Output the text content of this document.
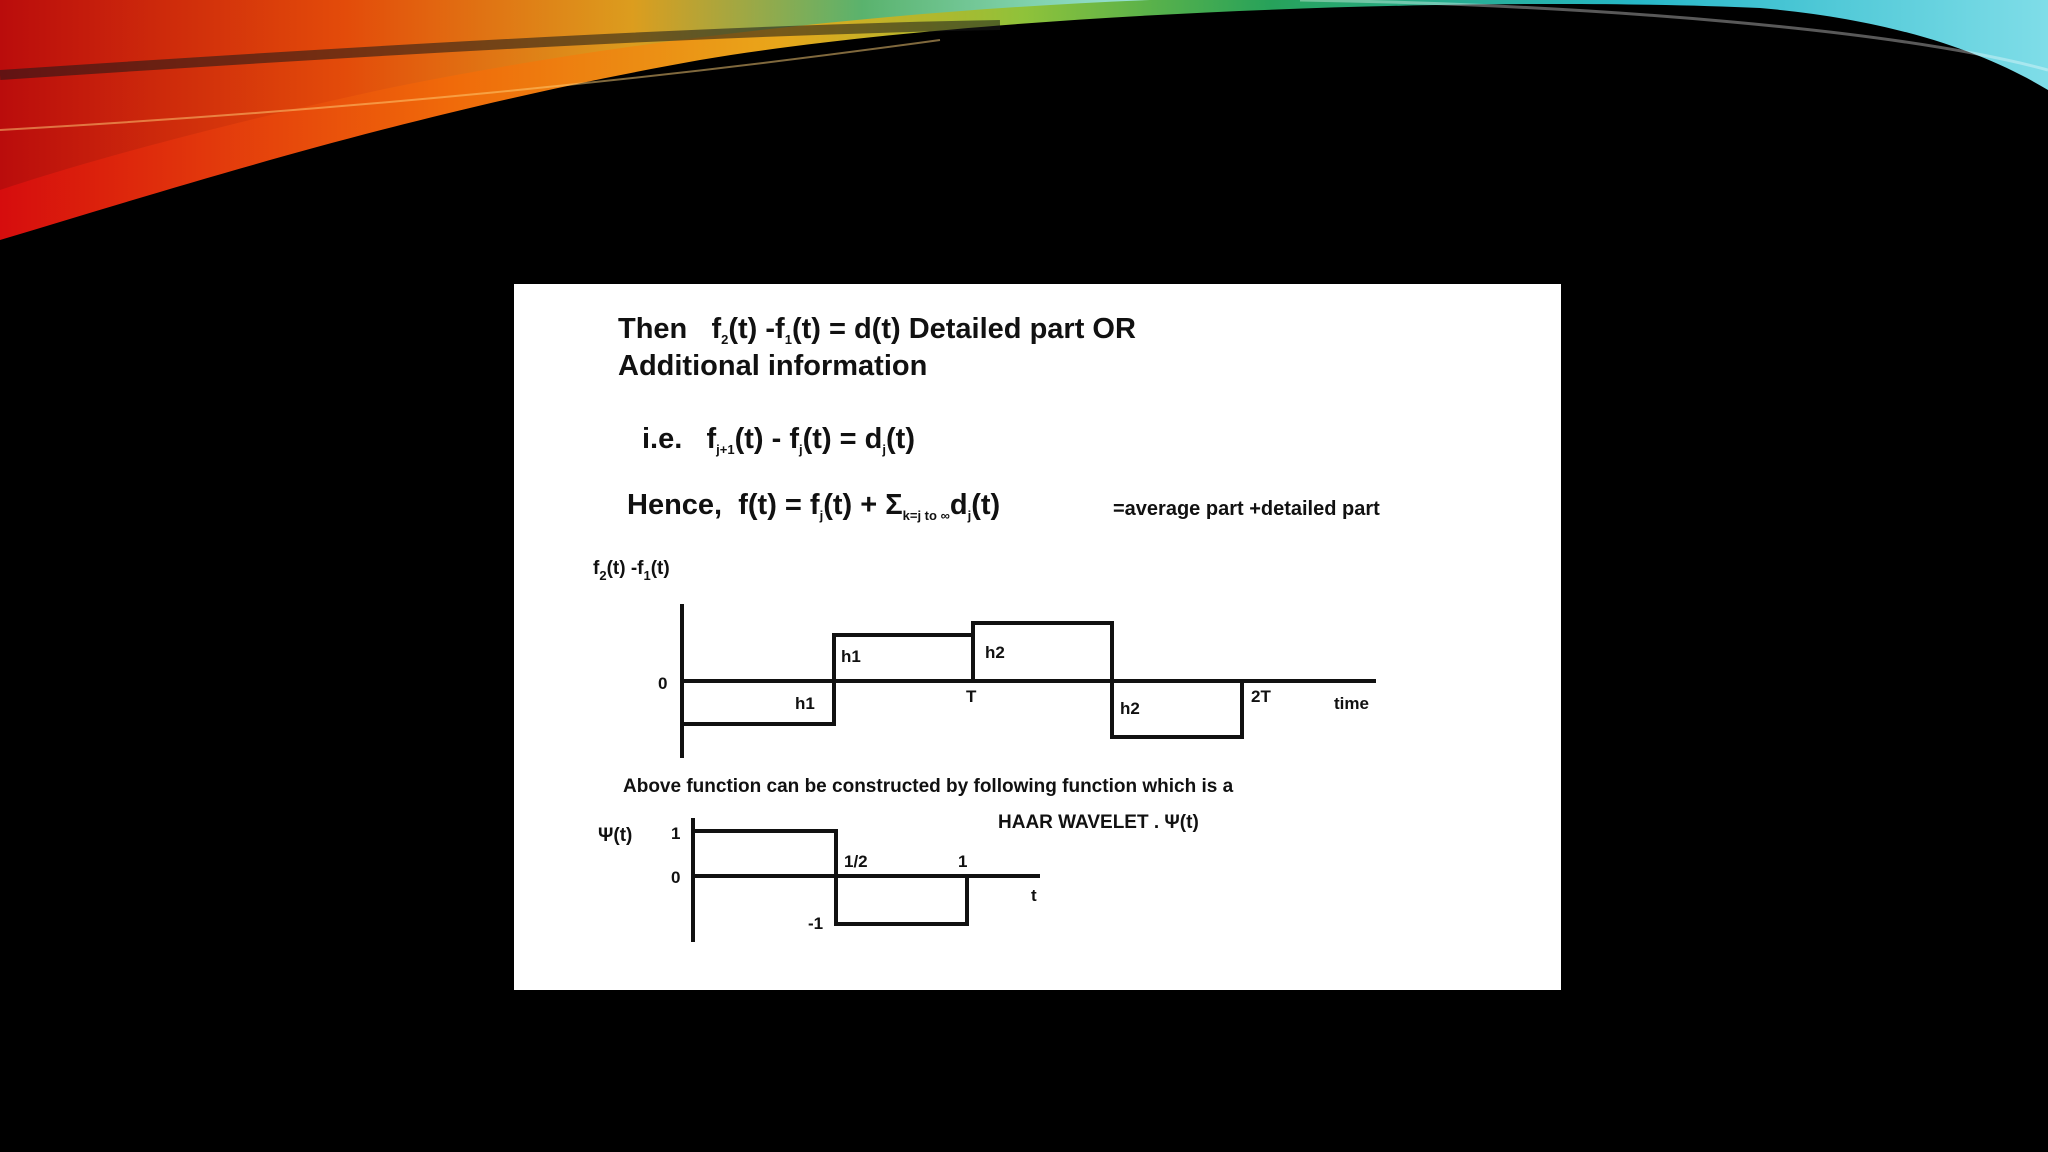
Then $f_2(t) -f_1(t) = d(t)$ Detailed part OR
Additional information
i.e. $f_{j+1}(t) - f_j(t) = d_j(t)$
Hence, $f(t) = f_j(t) + \Sigma_{k=j to \infty}d_j(t)$	=average part +detailed part
$f_2(t)$ $-f_1(t)$
0
h1	h2
h1	T
h2
2T	time
Above function can be constructed by following function which is a
HAAR WAVELET . Ψ(t)
Ψ(t) 1
0
1/2	1
t
-1
